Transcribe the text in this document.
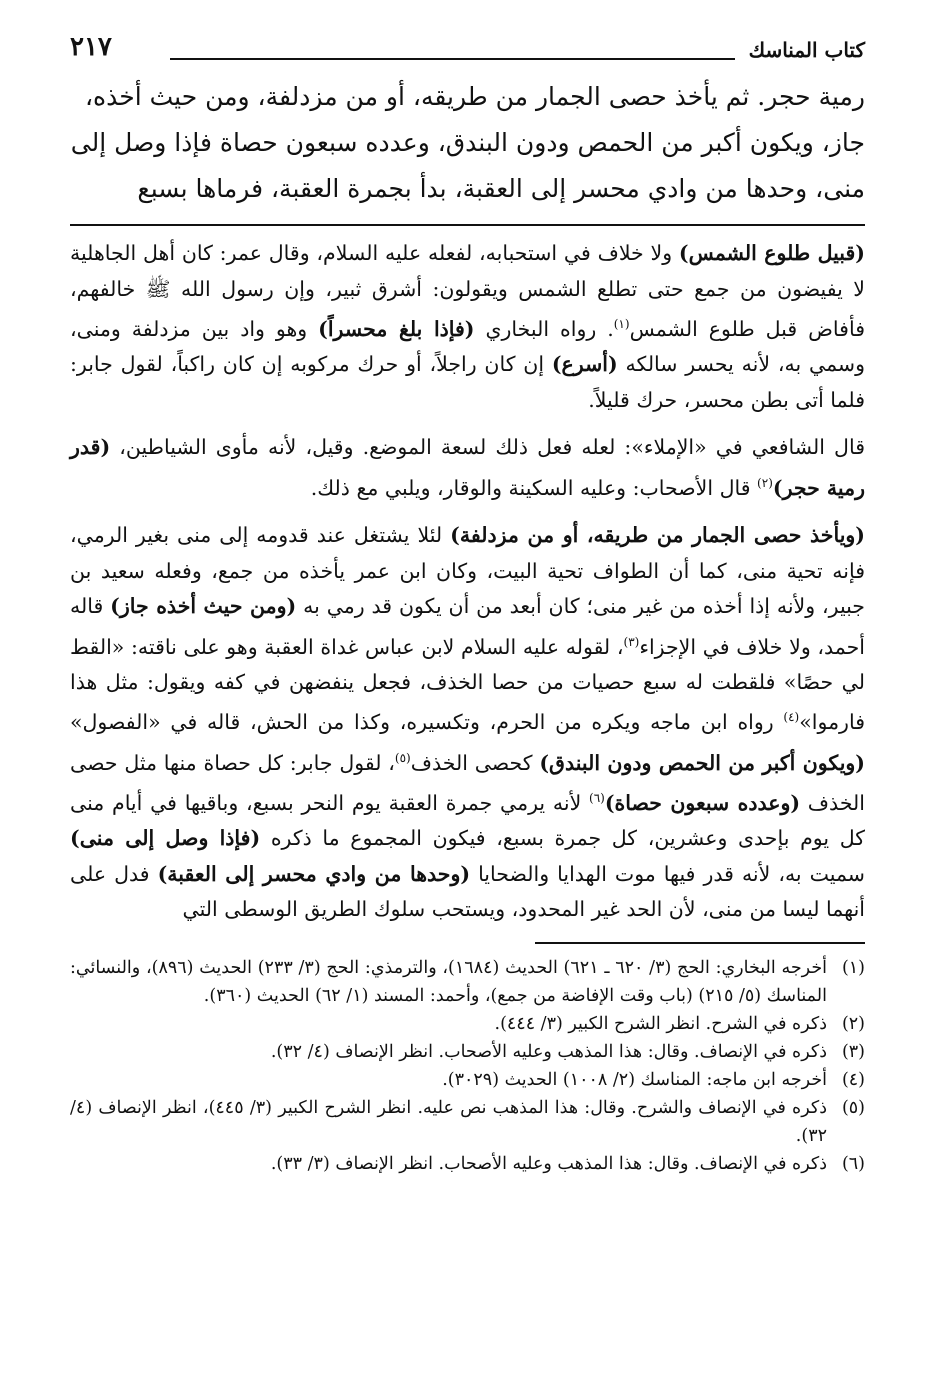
كتاب المناسك
٢١٧

رمية حجر. ثم يأخذ حصى الجمار من طريقه، أو من مزدلفة، ومن حيث أخذه،

جاز، ويكون أكبر من الحمص ودون البندق، وعدده سبعون حصاة فإذا وصل إلى

منى، وحدها من وادي محسر إلى العقبة، بدأ بجمرة العقبة، فرماها بسبع

(قبيل طلوع الشمس) ولا خلاف في استحبابه، لفعله عليه السلام، وقال عمر: كان أهل الجاهلية لا يفيضون من جمع حتى تطلع الشمس ويقولون: أشرق ثبير، وإن رسول الله ﷺ خالفهم، فأفاض قبل طلوع الشمس$^{(١)}$. رواه البخاري (فإذا بلغ محسراً) وهو واد بين مزدلفة ومنى، وسمي به، لأنه يحسر سالكه (أسرع) إن كان راجلاً، أو حرك مركوبه إن كان راكباً، لقول جابر: فلما أتى بطن محسر، حرك قليلاً.

قال الشافعي في «الإملاء»: لعله فعل ذلك لسعة الموضع. وقيل، لأنه مأوى الشياطين، (قدر رمية حجر)$^{(٢)}$ قال الأصحاب: وعليه السكينة والوقار، ويلبي مع ذلك.

(ويأخذ حصى الجمار من طريقه، أو من مزدلفة) لئلا يشتغل عند قدومه إلى منى بغير الرمي، فإنه تحية منى، كما أن الطواف تحية البيت، وكان ابن عمر يأخذه من جمع، وفعله سعيد بن جبير، ولأنه إذا أخذه من غير منى؛ كان أبعد من أن يكون قد رمي به (ومن حيث أخذه جاز) قاله أحمد، ولا خلاف في الإجزاء$^{(٣)}$، لقوله عليه السلام لابن عباس غداة العقبة وهو على ناقته: «القط لي حصًا» فلقطت له سبع حصيات من حصا الخذف، فجعل ينفضهن في كفه ويقول: مثل هذا فارموا»$^{(٤)}$ رواه ابن ماجه ويكره من الحرم، وتكسيره، وكذا من الحش، قاله في «الفصول» (ويكون أكبر من الحمص ودون البندق) كحصى الخذف$^{(٥)}$، لقول جابر: كل حصاة منها مثل حصى الخذف (وعدده سبعون حصاة)$^{(٦)}$ لأنه يرمي جمرة العقبة يوم النحر بسبع، وباقيها في أيام منى كل يوم بإحدى وعشرين، كل جمرة بسبع، فيكون المجموع ما ذكره (فإذا وصل إلى منى) سميت به، لأنه قدر فيها موت الهدايا والضحايا (وحدها من وادي محسر إلى العقبة) فدل على أنهما ليسا من منى، لأن الحد غير المحدود، ويستحب سلوك الطريق الوسطى التي

(١)
أخرجه البخاري: الحج (٣/ ٦٢٠ ـ ٦٢١) الحديث (١٦٨٤)، والترمذي: الحج (٣/ ٢٣٣) الحديث (٨٩٦)، والنسائي: المناسك (٥/ ٢١٥) (باب وقت الإفاضة من جمع)، وأحمد: المسند (١/ ٦٢) الحديث (٣٦٠).
(٢)
ذكره في الشرح. انظر الشرح الكبير (٣/ ٤٤٤).
(٣)
ذكره في الإنصاف. وقال: هذا المذهب وعليه الأصحاب. انظر الإنصاف (٤/ ٣٢).
(٤)
أخرجه ابن ماجه: المناسك (٢/ ١٠٠٨) الحديث (٣٠٢٩).
(٥)
ذكره في الإنصاف والشرح. وقال: هذا المذهب نص عليه. انظر الشرح الكبير (٣/ ٤٤٥)، انظر الإنصاف (٤/ ٣٢).
(٦)
ذكره في الإنصاف. وقال: هذا المذهب وعليه الأصحاب. انظر الإنصاف (٣/ ٣٣).
